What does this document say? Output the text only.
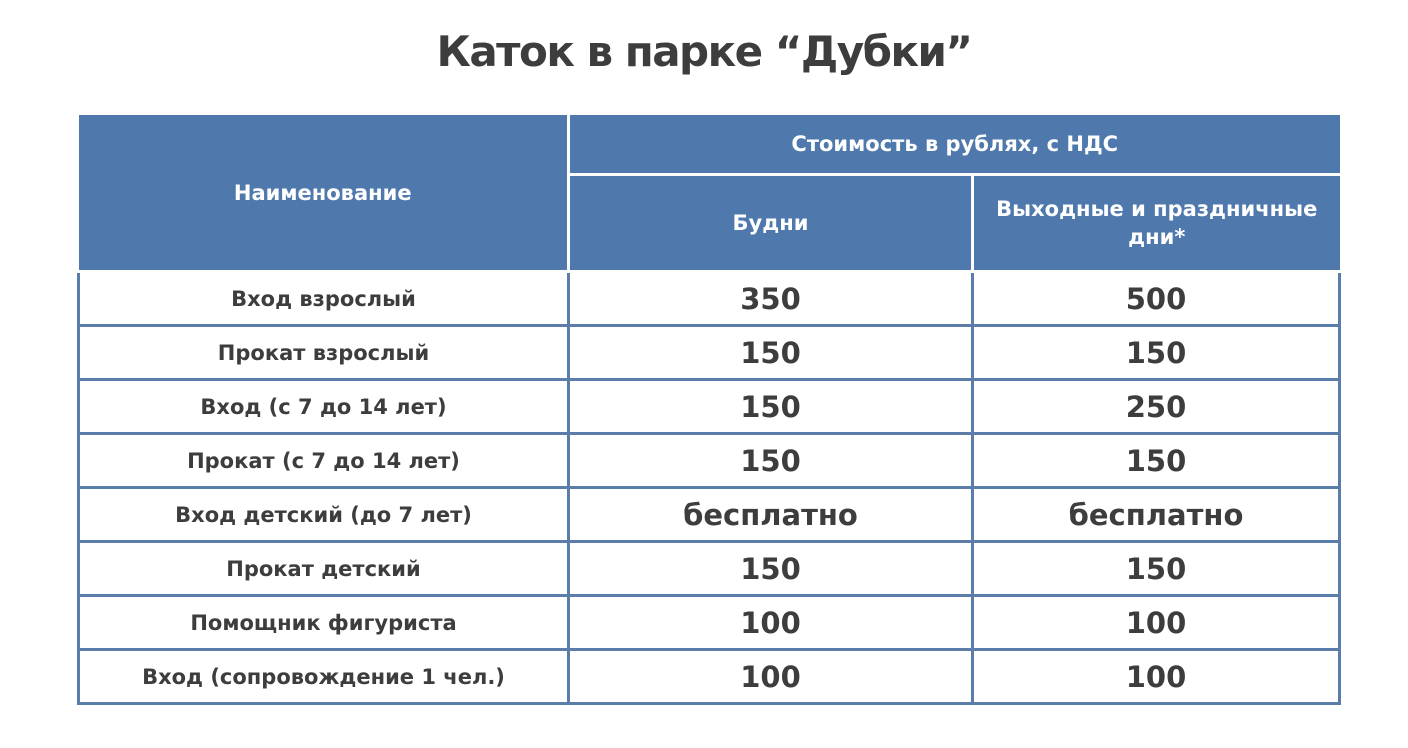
Каток в парке “Дубки”
Наименование	Стоимость в рублях, с НДС	
	Будни	Выходные и праздничные дни*
Вход взрослый	350	500
Прокат взрослый	150	150
Вход (с 7 до 14 лет)	150	250
Прокат (с 7 до 14 лет)	150	150
Вход детский (до 7 лет)	бесплатно	бесплатно
Прокат детский	150	150
Помощник фигуриста	100	100
Вход (сопровождение 1 чел.)	100	100
